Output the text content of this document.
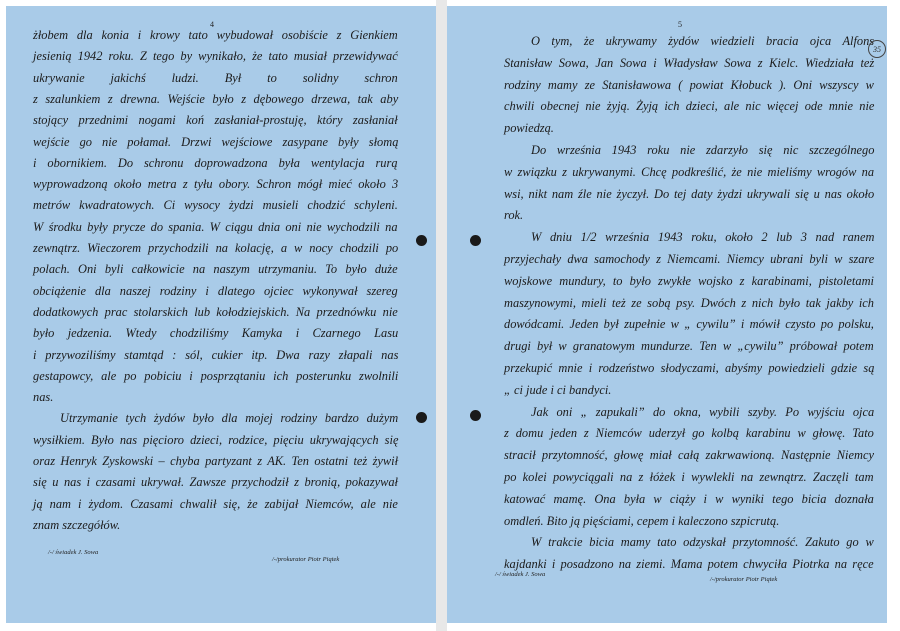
4
żłobem dla konia i krowy tato wybudował osobiście z Gienkiem
jesienią 1942 roku. Z tego by wynikało, że tato musiał przewidywać
ukrywanie jakichś ludzi. Był to solidny schron
z szalunkiem z drewna. Wejście było z dębowego drzewa, tak aby
stojący przednimi nogami koń zasłaniał-prostuję, który zasłaniał
wejście go nie połamał. Drzwi wejściowe zasypane były słomą
i obornikiem. Do schronu doprowadzona była wentylacja rurą
wyprowadzoną około metra z tyłu obory. Schron mógł mieć około 3
metrów kwadratowych. Ci wysocy żydzi musieli chodzić schyleni.
W środku były prycze do spania. W ciągu dnia oni nie wychodzili na
zewnątrz. Wieczorem przychodzili na kolację, a w nocy chodzili po
polach. Oni byli całkowicie na naszym utrzymaniu. To było duże
obciążenie dla naszej rodziny i dlatego ojciec wykonywał szereg
dodatkowych prac stolarskich lub kołodziejskich. Na przednówku nie
było jedzenia. Wtedy chodziliśmy Kamyka i Czarnego Lasu
i przywoziliśmy stamtąd : sól, cukier itp. Dwa razy złapali nas
gestapowcy, ale po pobiciu i posprzątaniu ich posterunku zwolnili
nas.
Utrzymanie tych żydów było dla mojej rodziny bardzo dużym
wysiłkiem. Było nas pięcioro dzieci, rodzice, pięciu ukrywających się
oraz Henryk Zyskowski – chyba partyzant z AK. Ten ostatni też żywił
się u nas i czasami ukrywał. Zawsze przychodził z bronią, pokazywał
ją nam i żydom. Czasami chwalił się, że zabijał Niemców, ale nie
znam szczegółów.
/-/ świadek J. Sowa
/-/prokurator Piotr Piątek
5
O tym, że ukrywamy żydów wiedzieli bracia ojca Alfons
Stanisław Sowa, Jan Sowa i Władysław Sowa z Kielc. Wiedziała też
rodziny mamy ze Stanisławowa ( powiat Kłobuck ). Oni wszyscy w
chwili obecnej nie żyją. Żyją ich dzieci, ale nic więcej ode mnie nie
powiedzą.
Do września 1943 roku nie zdarzyło się nic szczególnego
w związku z ukrywanymi. Chcę podkreślić, że nie mieliśmy wrogów na
wsi, nikt nam źle nie życzył. Do tej daty żydzi ukrywali się u nas około
rok.
W dniu 1/2 września 1943 roku, około 2 lub 3 nad ranem
przyjechały dwa samochody z Niemcami. Niemcy ubrani byli w szare
wojskowe mundury, to było zwykłe wojsko z karabinami, pistoletami
maszynowymi, mieli też ze sobą psy. Dwóch z nich było tak jakby ich
dowódcami. Jeden był zupełnie w „ cywilu” i mówił czysto po polsku,
drugi był w granatowym mundurze. Ten w „cywilu” próbował potem
przekupić mnie i rodzeństwo słodyczami, abyśmy powiedzieli gdzie są
„ ci jude i ci bandyci.
Jak oni „ zapukali” do okna, wybili szyby. Po wyjściu ojca
z domu jeden z Niemców uderzył go kolbą karabinu w głowę. Tato
stracił przytomność, głowę miał całą zakrwawioną. Następnie Niemcy
po kolei powyciągali na z łóżek i wywlekli na zewnątrz. Zaczęli tam
katować mamę. Ona była w ciąży i w wyniki tego bicia doznała
omdleń. Bito ją pięściami, cepem i kaleczono szpicrutą.
W trakcie bicia mamy tato odzyskał przytomność. Zakuto go w
kajdanki i posadzono na ziemi. Mama potem chwyciła Piotrka na ręce
/-/ świadek J. Sowa
/-/prokurator Piotr Piątek
35
